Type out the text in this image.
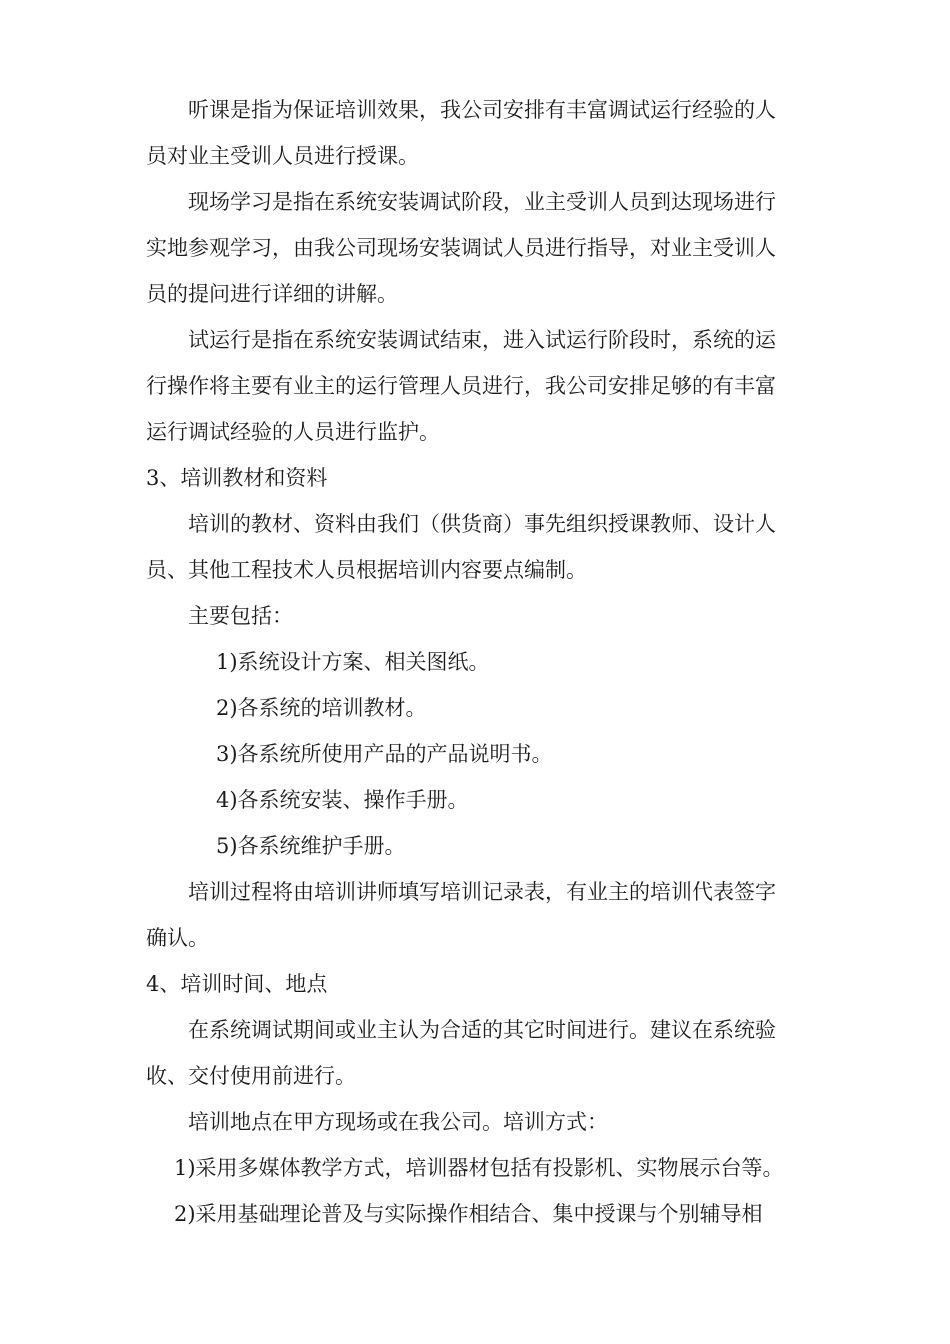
听课是指为保证培训效果，我公司安排有丰富调试运行经验的人
员对业主受训人员进行授课。
现场学习是指在系统安装调试阶段，业主受训人员到达现场进行
实地参观学习，由我公司现场安装调试人员进行指导，对业主受训人
员的提问进行详细的讲解。
试运行是指在系统安装调试结束，进入试运行阶段时，系统的运
行操作将主要有业主的运行管理人员进行，我公司安排足够的有丰富
运行调试经验的人员进行监护。
3、培训教材和资料
培训的教材、资料由我们（供货商）事先组织授课教师、设计人
员、其他工程技术人员根据培训内容要点编制。
主要包括：
1)系统设计方案、相关图纸。
2)各系统的培训教材。
3)各系统所使用产品的产品说明书。
4)各系统安装、操作手册。
5)各系统维护手册。
培训过程将由培训讲师填写培训记录表，有业主的培训代表签字
确认。
4、培训时间、地点
在系统调试期间或业主认为合适的其它时间进行。建议在系统验
收、交付使用前进行。
培训地点在甲方现场或在我公司。培训方式：
1)采用多媒体教学方式，培训器材包括有投影机、实物展示台等。
2)采用基础理论普及与实际操作相结合、集中授课与个别辅导相
